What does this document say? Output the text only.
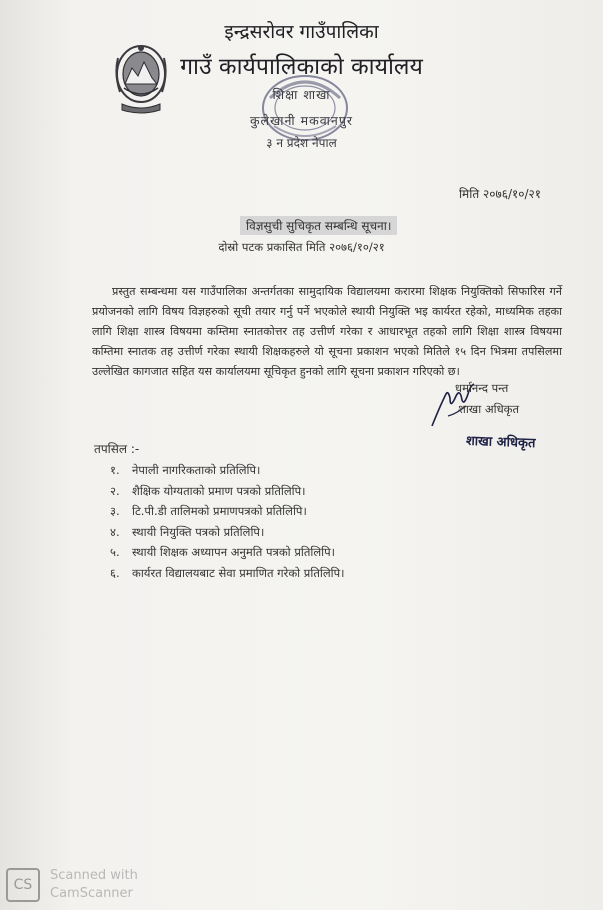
इन्द्रसरोवर गाउँपालिका
गाउँ कार्यपालिकाको कार्यालय
शिक्षा शाखा
कुलेखानी मकवानपुर
३ न प्रदेश नेपाल
मिति २०७६/१०/२१
विज्ञसुची सुचिकृत सम्बन्धि सूचना।
दोस्रो पटक प्रकासित मिति २०७६/१०/२१
प्रस्तुत सम्बन्धमा यस गाउँपालिका अन्तर्गतका सामुदायिक विद्यालयमा करारमा शिक्षक नियुक्तिको सिफारिस गर्ने प्रयोजनको लागि विषय विज्ञहरुको सूची तयार गर्नु पर्ने भएकोले स्थायी नियुक्ति भइ कार्यरत रहेको, माध्यमिक तहका लागि शिक्षा शास्त्र विषयमा कम्तिमा स्नातकोत्तर तह उत्तीर्ण गरेका र आधारभूत तहको लागि शिक्षा शास्त्र विषयमा कम्तिमा स्नातक तह उत्तीर्ण गरेका स्थायी शिक्षकहरुले यो सूचना प्रकाशन भएको मितिले १५ दिन भित्रमा तपसिलमा उल्लेखित कागजात सहित यस कार्यालयमा सूचिकृत हुनको लागि सूचना प्रकाशन गरिएको छ।
धर्मानन्द पन्त
शाखा अधिकृत
शाखा अधिकृत
तपसिल :-
१. नेपाली नागरिकताको प्रतिलिपि।
२. शैक्षिक योग्यताको प्रमाण पत्रको प्रतिलिपि।
३. टि.पी.डी तालिमको प्रमाणपत्रको प्रतिलिपि।
४. स्थायी नियुक्ति पत्रको प्रतिलिपि।
५. स्थायी शिक्षक अध्यापन अनुमति पत्रको प्रतिलिपि।
६. कार्यरत विद्यालयबाट सेवा प्रमाणित गरेको प्रतिलिपि।
CS
Scanned with
CamScanner
